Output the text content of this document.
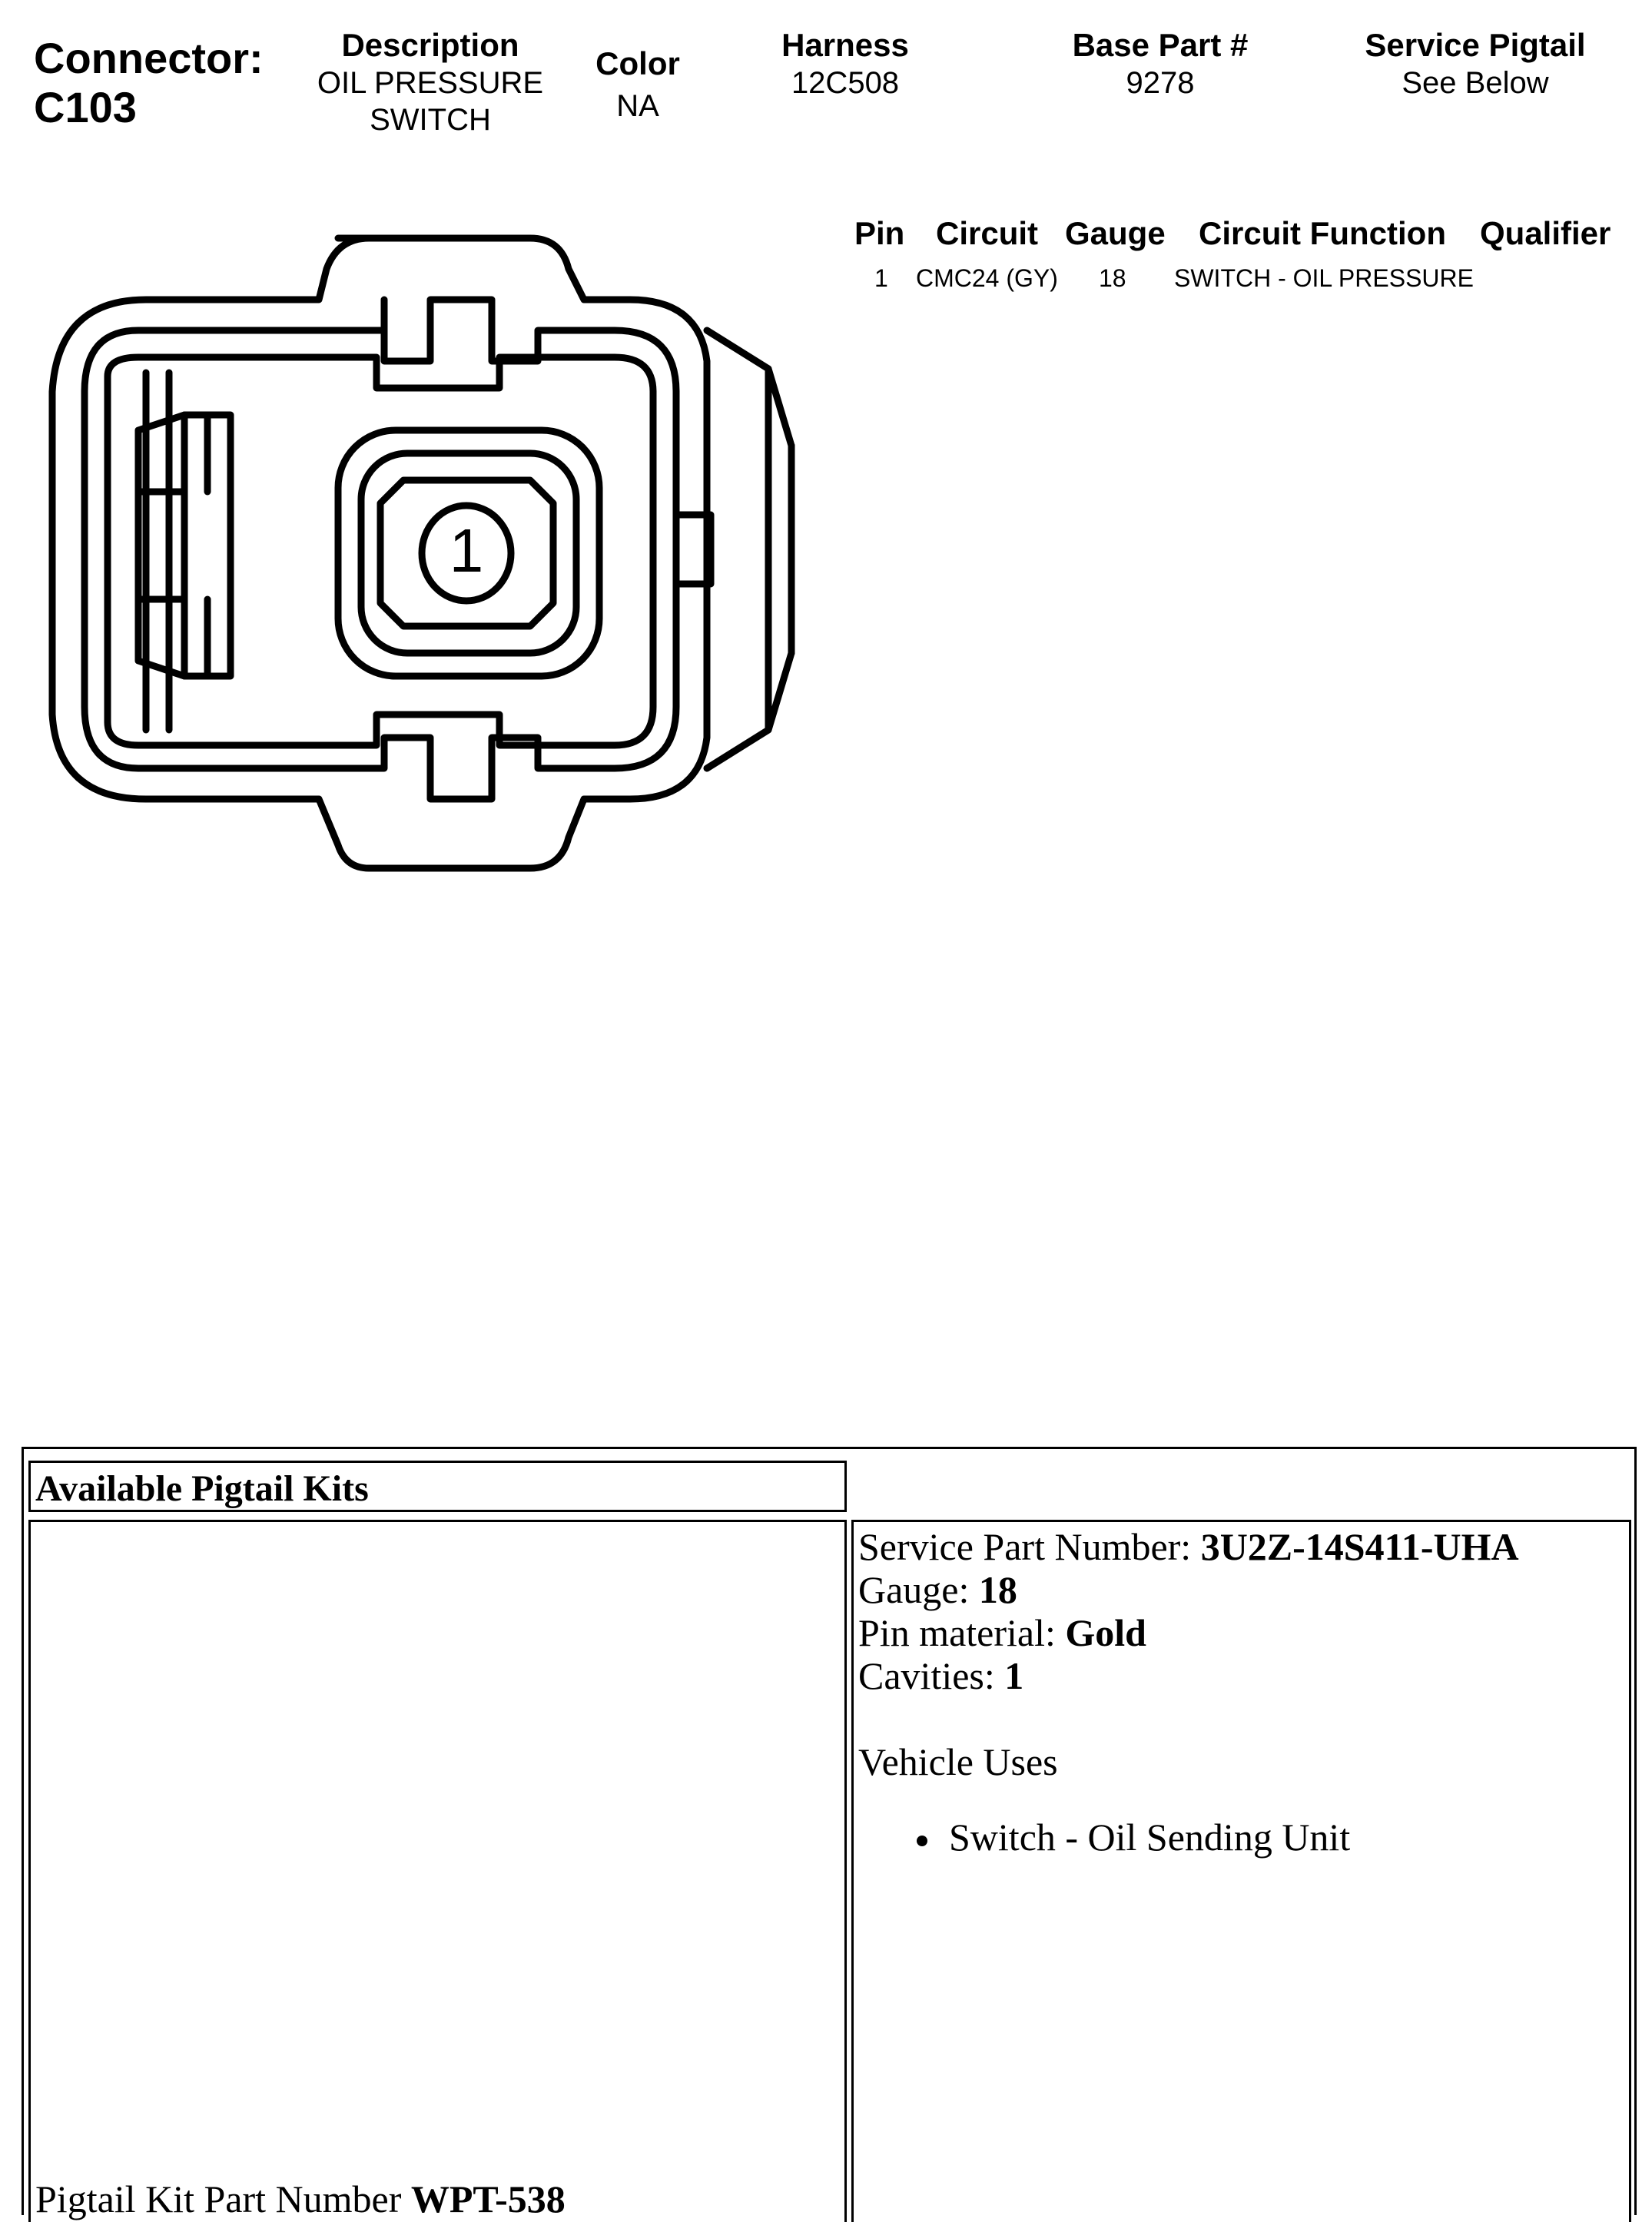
Connector:
C103
Description
OIL PRESSURE
SWITCH
Color
NA
Harness
12C508
Base Part #
9278
Service Pigtail
See Below
1
Pin Circuit Gauge Circuit Function Qualifier
1 CMC24 (GY) 18 SWITCH - OIL PRESSURE
Available Pigtail Kits
Pigtail Kit Part Number WPT-538
Service Part Number: 3U2Z-14S411-UHA
Gauge: 18
Pin material: Gold
Cavities: 1
Vehicle Uses
Switch - Oil Sending Unit
